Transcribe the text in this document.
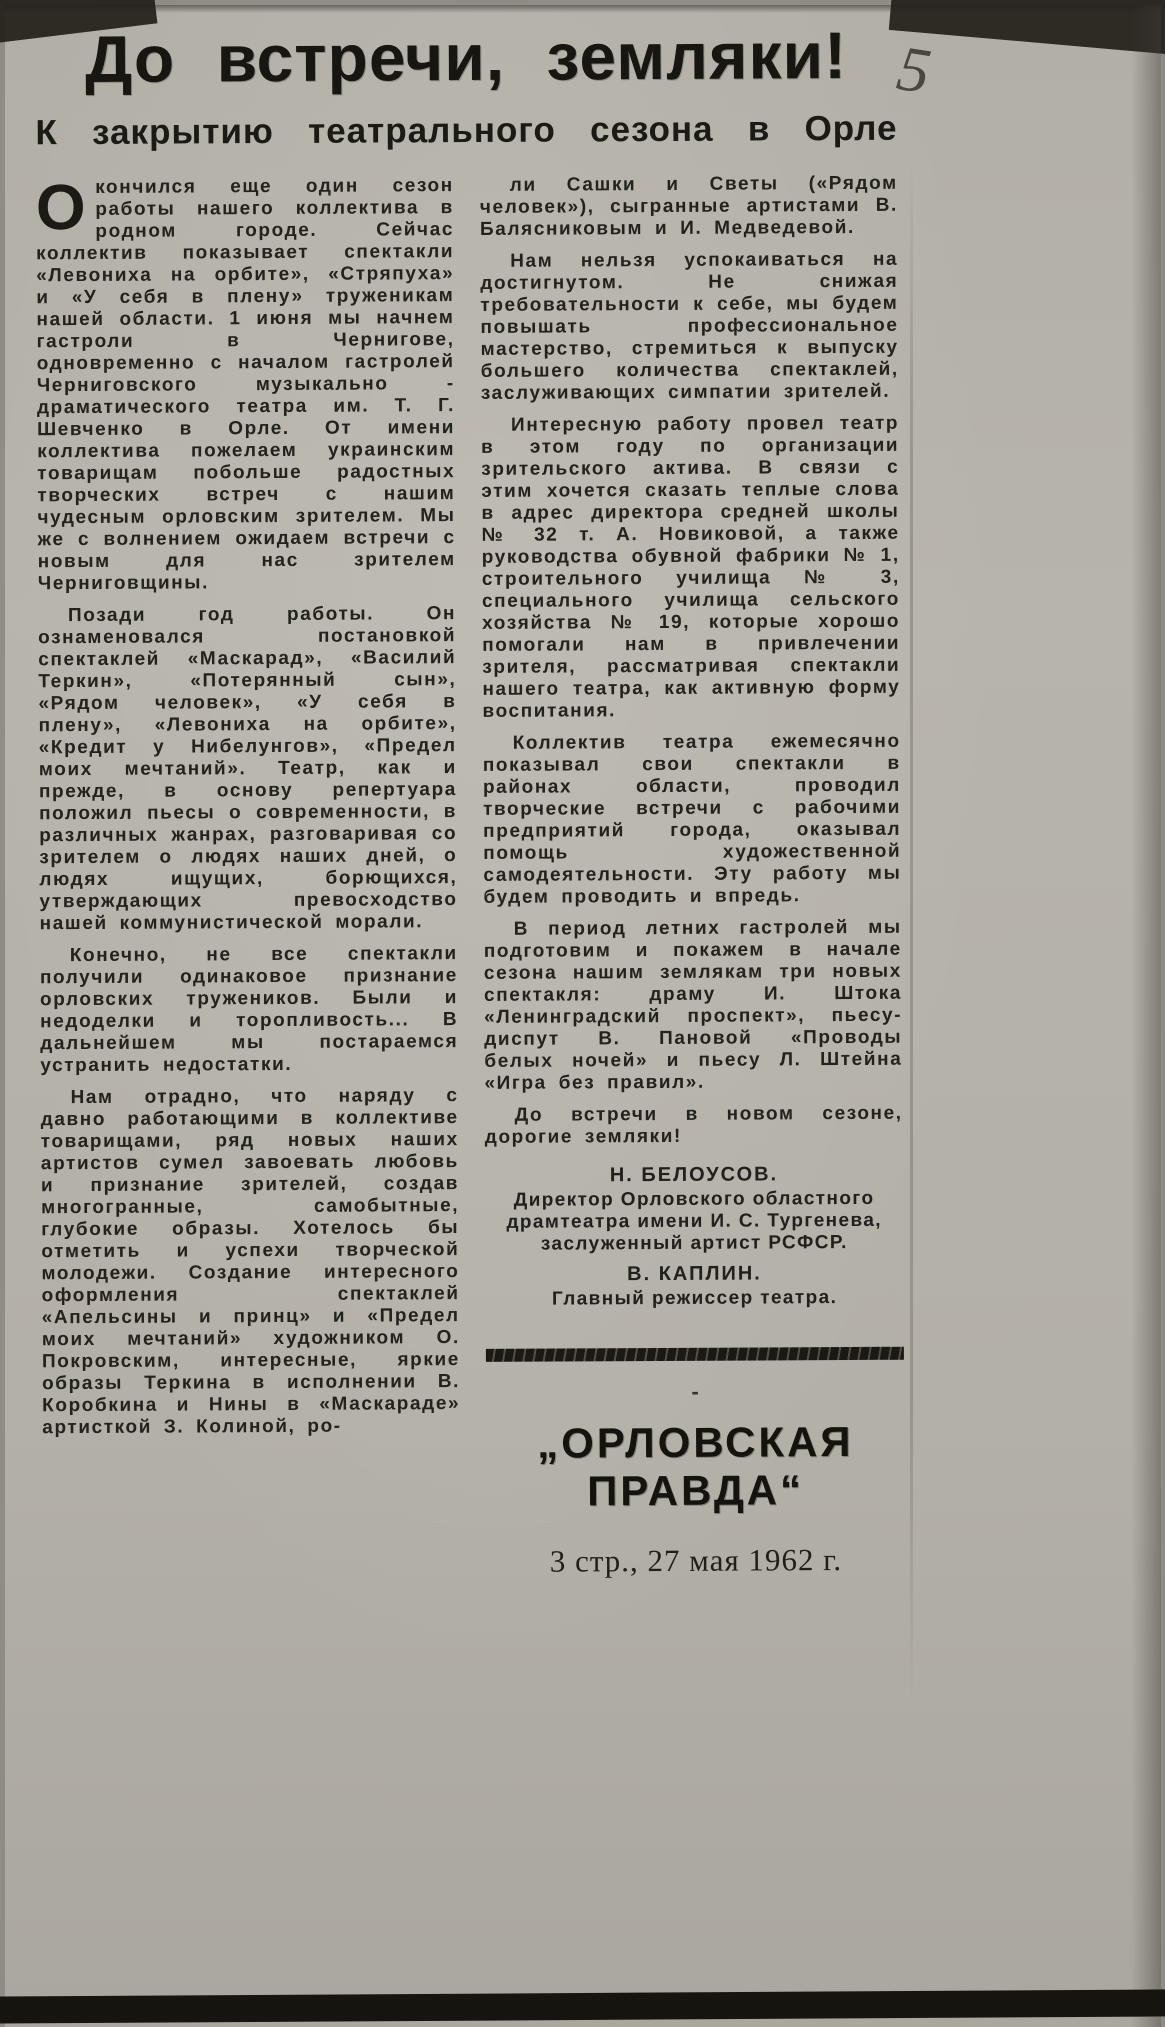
5
До встречи, земляки!
К закрытию театрального сезона в Орле

Окончился еще один сезон работы нашего коллектива в родном городе. Сейчас коллектив показывает спектакли «Левониха на орбите», «Стряпуха» и «У себя в плену» труженикам нашей области. 1 июня мы начнем гастроли в Чернигове, одновременно с началом гастролей Черниговского музыкально - драматического театра им. Т. Г. Шевченко в Орле. От имени коллектива пожелаем украинским товарищам побольше радостных творческих встреч с нашим чудесным орловским зрителем. Мы же с волнением ожидаем встречи с новым для нас зрителем Черниговщины.

Позади год работы. Он ознаменовался постановкой спектаклей «Маскарад», «Василий Теркин», «Потерянный сын», «Рядом человек», «У себя в плену», «Левониха на орбите», «Кредит у Нибелунгов», «Предел моих мечтаний». Театр, как и прежде, в основу репертуара положил пьесы о современности, в различных жанрах, разговаривая со зрителем о людях наших дней, о людях ищущих, борющихся, утверждающих превосходство нашей коммунистической морали.

Конечно, не все спектакли получили одинаковое признание орловских тружеников. Были и недоделки и торопливость... В дальнейшем мы постараемся устранить недостатки.

Нам отрадно, что наряду с давно работающими в коллективе товарищами, ряд новых наших артистов сумел завоевать любовь и признание зрителей, создав многогранные, самобытные, глубокие образы. Хотелось бы отметить и успехи творческой молодежи. Создание интересного оформления спектаклей «Апельсины и принц» и «Предел моих мечтаний» художником О. Покровским, интересные, яркие образы Теркина в исполнении В. Коробкина и Нины в «Маскараде» артисткой З. Колиной, ро-

ли Сашки и Светы («Рядом человек»), сыгранные артистами В. Балясниковым и И. Медведевой.

Нам нельзя успокаиваться на достигнутом. Не снижая требовательности к себе, мы будем повышать профессиональное мастерство, стремиться к выпуску большего количества спектаклей, заслуживающих симпатии зрителей.

Интересную работу провел театр в этом году по организации зрительского актива. В связи с этим хочется сказать теплые слова в адрес директора средней школы № 32 т. А. Новиковой, а также руководства обувной фабрики № 1, строительного училища № 3, специального училища сельского хозяйства № 19, которые хорошо помогали нам в привлечении зрителя, рассматривая спектакли нашего театра, как активную форму воспитания.

Коллектив театра ежемесячно показывал свои спектакли в районах области, проводил творческие встречи с рабочими предприятий города, оказывал помощь художественной самодеятельности. Эту работу мы будем проводить и впредь.

В период летних гастролей мы подготовим и покажем в начале сезона нашим землякам три новых спектакля: драму И. Штока «Ленинградский проспект», пьесу-диспут В. Пановой «Проводы белых ночей» и пьесу Л. Штейна «Игра без правил».

До встречи в новом сезоне, дорогие земляки!

Н. БЕЛОУСОВ.
Директор Орловского областного драмтеатра имени И. С. Тургенева, заслуженный артист РСФСР.
В. КАПЛИН.
Главный режиссер театра.
-
„ОРЛОВСКАЯ ПРАВДА“
3 стр., 27 мая 1962 г.
